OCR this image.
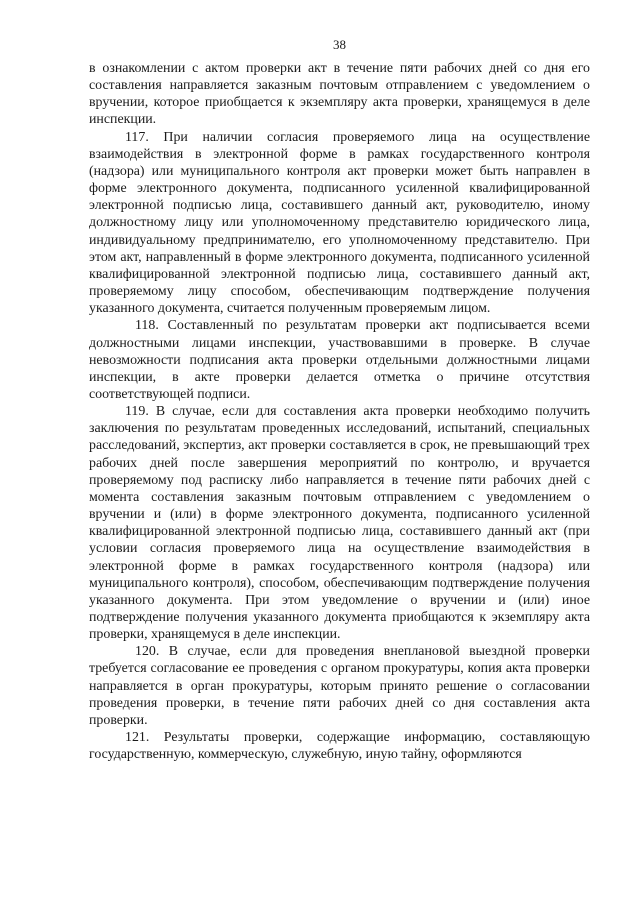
38

в ознакомлении с актом проверки акт в течение пяти рабочих дней со дня его составления направляется заказным почтовым отправлением с уведомлением о вручении, которое приобщается к экземпляру акта проверки, хранящемуся в деле инспекции.

117. При наличии согласия проверяемого лица на осуществление взаимодействия в электронной форме в рамках государственного контроля (надзора) или муниципального контроля акт проверки может быть направлен в форме электронного документа, подписанного усиленной квалифицированной электронной подписью лица, составившего данный акт, руководителю, иному должностному лицу или уполномоченному представителю юридического лица, индивидуальному предпринимателю, его уполномоченному представителю. При этом акт, направленный в форме электронного документа, подписанного усиленной квалифицированной электронной подписью лица, составившего данный акт, проверяемому лицу способом, обеспечивающим подтверждение получения указанного документа, считается полученным проверяемым лицом.

118. Составленный по результатам проверки акт подписывается всеми должностными лицами инспекции, участвовавшими в проверке. В случае невозможности подписания акта проверки отдельными должностными лицами инспекции, в акте проверки делается отметка о причине отсутствия соответствующей подписи.

119. В случае, если для составления акта проверки необходимо получить заключения по результатам проведенных исследований, испытаний, специальных расследований, экспертиз, акт проверки составляется в срок, не превышающий трех рабочих дней после завершения мероприятий по контролю, и вручается проверяемому под расписку либо направляется в течение пяти рабочих дней с момента составления заказным почтовым отправлением с уведомлением о вручении и (или) в форме электронного документа, подписанного усиленной квалифицированной электронной подписью лица, составившего данный акт (при условии согласия проверяемого лица на осуществление взаимодействия в электронной форме в рамках государственного контроля (надзора) или муниципального контроля), способом, обеспечивающим подтверждение получения указанного документа. При этом уведомление о вручении и (или) иное подтверждение получения указанного документа приобщаются к экземпляру акта проверки, хранящемуся в деле инспекции.

120. В случае, если для проведения внеплановой выездной проверки требуется согласование ее проведения с органом прокуратуры, копия акта проверки направляется в орган прокуратуры, которым принято решение о согласовании проведения проверки, в течение пяти рабочих дней со дня составления акта проверки.

121. Результаты проверки, содержащие информацию, составляющую государственную, коммерческую, служебную, иную тайну, оформляются
